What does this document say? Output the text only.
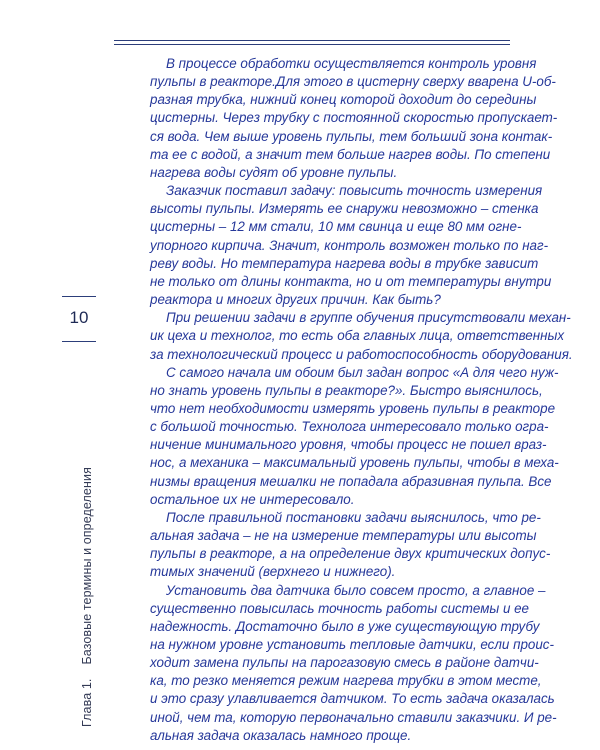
10
Глава 1.Базовые термины и определения
В процессе обработки осуществляется контроль уровня
пульпы в реакторе.Для этого в цистерну сверху вварена U-об-
разная трубка, нижний конец которой доходит до середины
цистерны. Через трубку с постоянной скоростью пропускает-
ся вода. Чем выше уровень пульпы, тем больший зона контак-
та ее с водой, а значит тем больше нагрев воды. По степени
нагрева воды судят об уровне пульпы.
Заказчик поставил задачу: повысить точность измерения
высоты пульпы. Измерять ее снаружи невозможно – стенка
цистерны – 12 мм стали, 10 мм свинца и еще 80 мм огне-
упорного кирпича. Значит, контроль возможен только по наг-
реву воды. Но температура нагрева воды в трубке зависит
не только от длины контакта, но и от температуры внутри
реактора и многих других причин. Как быть?
При решении задачи в группе обучения присутствовали механ-
ик цеха и технолог, то есть оба главных лица, ответственных
за технологический процесс и работоспособность оборудования.
С самого начала им обоим был задан вопрос «А для чего нуж-
но знать уровень пульпы в реакторе?». Быстро выяснилось,
что нет необходимости измерять уровень пульпы в реакторе
с большой точностью. Технолога интересовало только огра-
ничение минимального уровня, чтобы процесс не пошел враз-
нос, а механика – максимальный уровень пульпы, чтобы в меха-
низмы вращения мешалки не попадала абразивная пульпа. Все
остальное их не интересовало.
После правильной постановки задачи выяснилось, что ре-
альная задача – не на измерение температуры или высоты
пульпы в реакторе, а на определение двух критических допус-
тимых значений (верхнего и нижнего).
Установить два датчика было совсем просто, а главное –
существенно повысилась точность работы системы и ее
надежность. Достаточно было в уже существующую трубу
на нужном уровне установить тепловые датчики, если проис-
ходит замена пульпы на парогазовую смесь в районе датчи-
ка, то резко меняется режим нагрева трубки в этом месте,
и это сразу улавливается датчиком. То есть задача оказалась
иной, чем та, которую первоначально ставили заказчики. И ре-
альная задача оказалась намного проще.
